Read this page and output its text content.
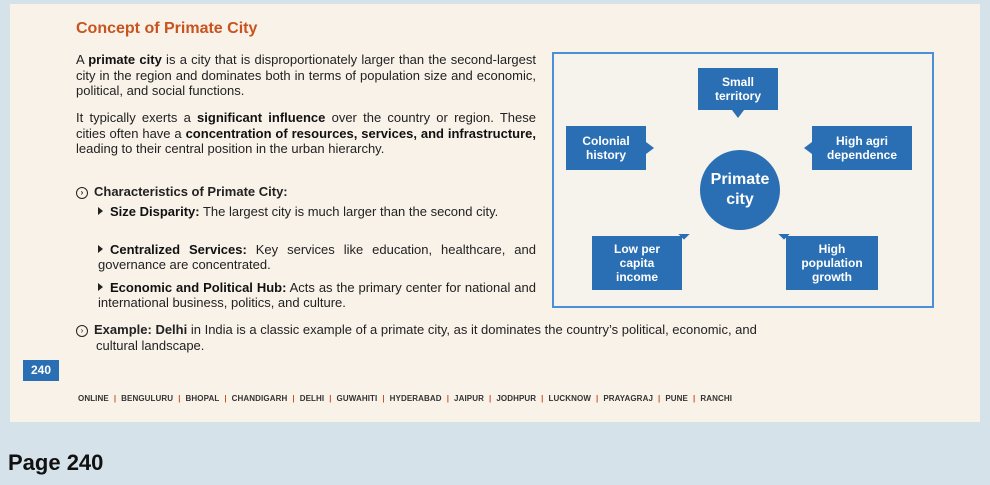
Concept of Primate City

A primate city is a city that is disproportionately larger than the second-largest city in the region and dominates both in terms of population size and economic, political, and social functions.

It typically exerts a significant influence over the country or region. These cities often have a concentration of resources, services, and infrastructure, leading to their central position in the urban hierarchy.

› Characteristics of Primate City:
Size Disparity: The largest city is much larger than the second city.
Centralized Services: Key services like education, healthcare, and governance are concentrated.
Economic and Political Hub: Acts as the primary center for national and international business, politics, and culture.
Small
territory
Colonial
history
High agri
dependence
Primate
city
Low per
capita
income
High
population
growth
› Example: Delhi in India is a classic example of a primate city, as it dominates the country’s political, economic, and
cultural landscape.
240
ONLINE | BENGULURU | BHOPAL | CHANDIGARH | DELHI | GUWAHITI | HYDERABAD | JAIPUR | JODHPUR | LUCKNOW | PRAYAGRAJ | PUNE | RANCHI
Page 240
